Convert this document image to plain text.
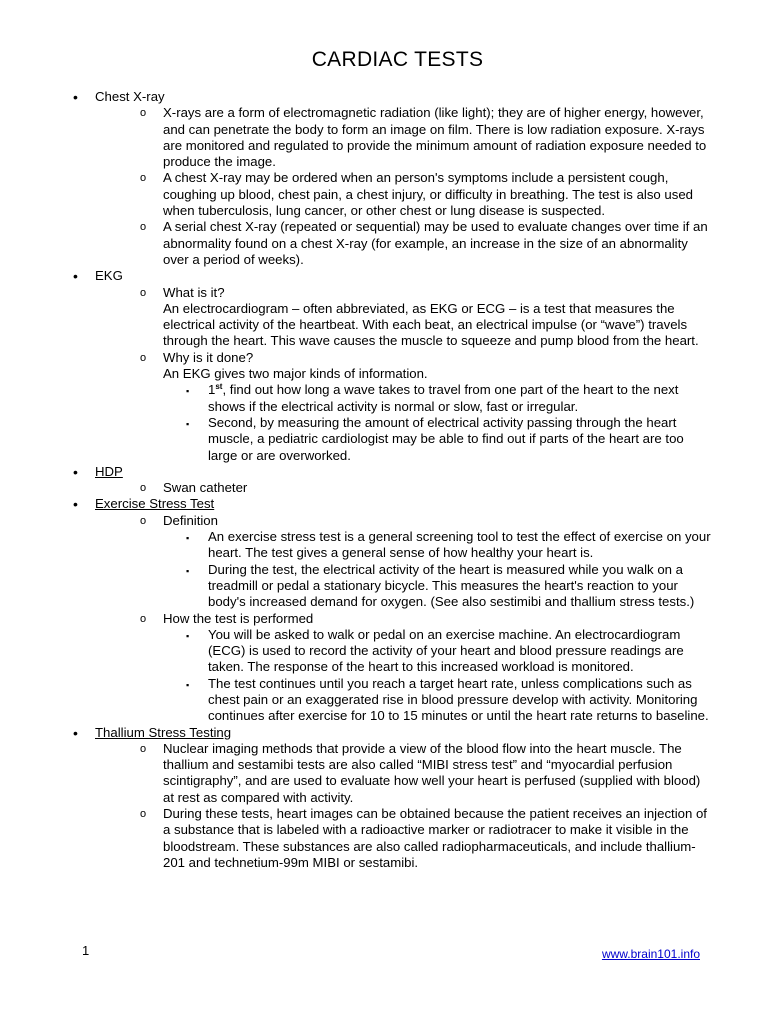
CARDIAC TESTS
• Chest X-ray
o X-rays are a form of electromagnetic radiation (like light); they are of higher energy, however, and can penetrate the body to form an image on film. There is low radiation exposure. X-rays are monitored and regulated to provide the minimum amount of radiation exposure needed to produce the image.
o A chest X-ray may be ordered when an person's symptoms include a persistent cough, coughing up blood, chest pain, a chest injury, or difficulty in breathing. The test is also used when tuberculosis, lung cancer, or other chest or lung disease is suspected.
o A serial chest X-ray (repeated or sequential) may be used to evaluate changes over time if an abnormality found on a chest X-ray (for example, an increase in the size of an abnormality over a period of weeks).
• EKG
o What is it?
An electrocardiogram – often abbreviated, as EKG or ECG – is a test that measures the electrical activity of the heartbeat. With each beat, an electrical impulse (or “wave”) travels through the heart. This wave causes the muscle to squeeze and pump blood from the heart.
o Why is it done?
An EKG gives two major kinds of information.
▪ 1st, find out how long a wave takes to travel from one part of the heart to the next shows if the electrical activity is normal or slow, fast or irregular.
▪ Second, by measuring the amount of electrical activity passing through the heart muscle, a pediatric cardiologist may be able to find out if parts of the heart are too large or are overworked.
• HDP
o Swan catheter
• Exercise Stress Test
o Definition
▪ An exercise stress test is a general screening tool to test the effect of exercise on your heart. The test gives a general sense of how healthy your heart is.
▪ During the test, the electrical activity of the heart is measured while you walk on a treadmill or pedal a stationary bicycle. This measures the heart's reaction to your body's increased demand for oxygen. (See also sestimibi and thallium stress tests.)
o How the test is performed
▪ You will be asked to walk or pedal on an exercise machine. An electrocardiogram (ECG) is used to record the activity of your heart and blood pressure readings are taken. The response of the heart to this increased workload is monitored.
▪ The test continues until you reach a target heart rate, unless complications such as chest pain or an exaggerated rise in blood pressure develop with activity. Monitoring continues after exercise for 10 to 15 minutes or until the heart rate returns to baseline.
• Thallium Stress Testing
o Nuclear imaging methods that provide a view of the blood flow into the heart muscle. The thallium and sestamibi tests are also called “MIBI stress test” and “myocardial perfusion scintigraphy”, and are used to evaluate how well your heart is perfused (supplied with blood) at rest as compared with activity.
o During these tests, heart images can be obtained because the patient receives an injection of a substance that is labeled with a radioactive marker or radiotracer to make it visible in the bloodstream. These substances are also called radiopharmaceuticals, and include thallium-201 and technetium-99m MIBI or sestamibi.
1	www.brain101.info
